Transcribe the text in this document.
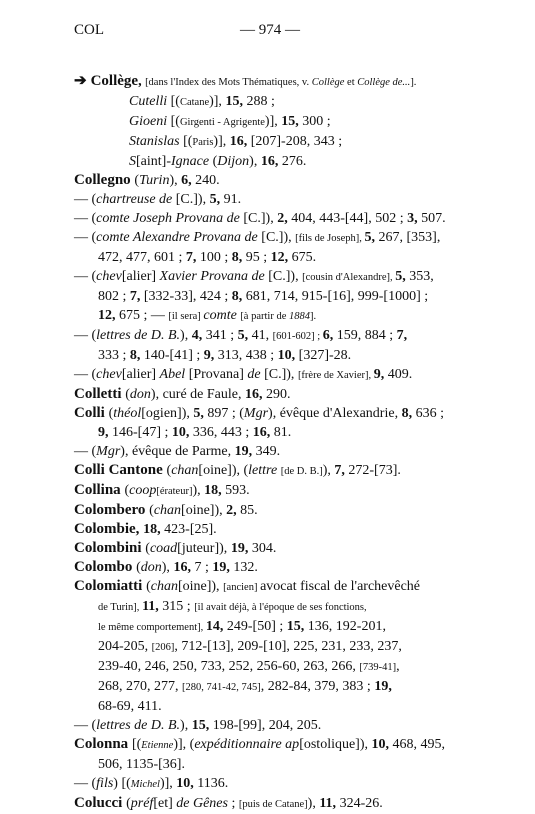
COL	— 974 —
➔ Collège, [dans l'Index des Mots Thématiques, v. Collège et Collège de...].
Cutelli [(Catane)], 15, 288 ;
Gioeni [(Girgenti - Agrigente)], 15, 300 ;
Stanislas [(Paris)], 16, [207]-208, 343 ;
S[aint]-Ignace (Dijon), 16, 276.
Collegno (Turin), 6, 240.
— (chartreuse de [C.]), 5, 91.
— (comte Joseph Provana de [C.]), 2, 404, 443-[44], 502 ; 3, 507.
— (comte Alexandre Provana de [C.]), [fils de Joseph], 5, 267, [353],
472, 477, 601 ; 7, 100 ; 8, 95 ; 12, 675.
— (chev[alier] Xavier Provana de [C.]), [cousin d'Alexandre], 5, 353,
802 ; 7, [332-33], 424 ; 8, 681, 714, 915-[16], 999-[1000] ;
12, 675 ; — [il sera] comte [à partir de 1884].
— (lettres de D. B.), 4, 341 ; 5, 41, [601-602] ; 6, 159, 884 ; 7,
333 ; 8, 140-[41] ; 9, 313, 438 ; 10, [327]-28.
— (chev[alier] Abel [Provana] de [C.]), [frère de Xavier], 9, 409.
Colletti (don), curé de Faule, 16, 290.
Colli (théol[ogien]), 5, 897 ; (Mgr), évêque d'Alexandrie, 8, 636 ;
9, 146-[47] ; 10, 336, 443 ; 16, 81.
— (Mgr), évêque de Parme, 19, 349.
Colli Cantone (chan[oine]), (lettre [de D. B.]), 7, 272-[73].
Collina (coop[érateur]), 18, 593.
Colombero (chan[oine]), 2, 85.
Colombie, 18, 423-[25].
Colombini (coad[juteur]), 19, 304.
Colombo (don), 16, 7 ; 19, 132.
Colomiatti (chan[oine]), [ancien] avocat fiscal de l'archevêché
de Turin], 11, 315 ; [il avait déjà, à l'époque de ses fonctions,
le même comportement], 14, 249-[50] ; 15, 136, 192-201,
204-205, [206], 712-[13], 209-[10], 225, 231, 233, 237,
239-40, 246, 250, 733, 252, 256-60, 263, 266, [739-41],
268, 270, 277, [280, 741-42, 745], 282-84, 379, 383 ; 19,
68-69, 411.
— (lettres de D. B.), 15, 198-[99], 204, 205.
Colonna [(Etienne)], (expéditionnaire ap[ostolique]), 10, 468, 495,
506, 1135-[36].
— (fils) [(Michel)], 10, 1136.
Colucci (préf[et] de Gênes ; [puis de Catane]), 11, 324-26.
